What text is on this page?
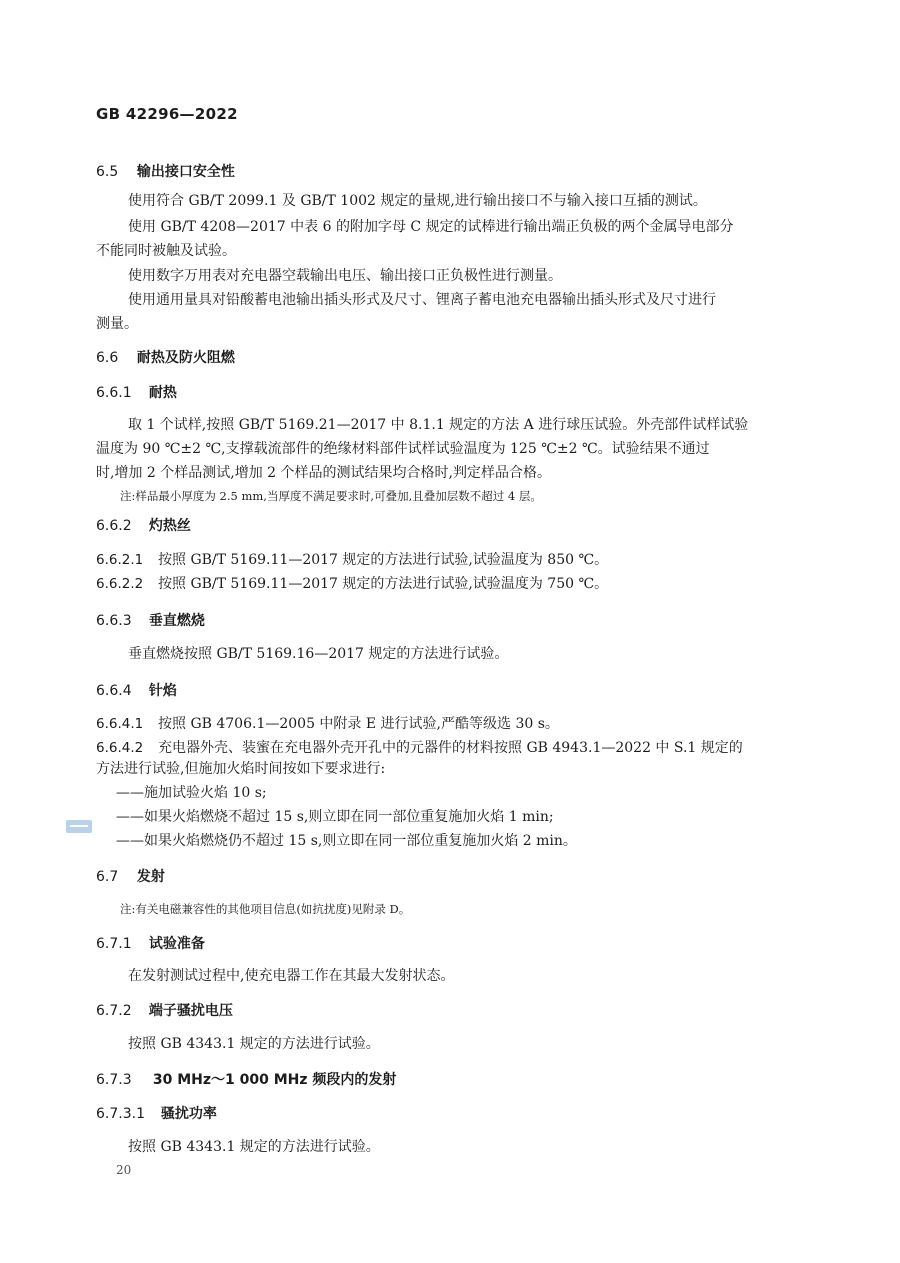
GB 42296—2022
6.5 输出接口安全性
使用符合 GB/T 2099.1 及 GB/T 1002 规定的量规,进行输出接口不与输入接口互插的测试。
使用 GB/T 4208—2017 中表 6 的附加字母 C 规定的试棒进行输出端正负极的两个金属导电部分
不能同时被触及试验。
使用数字万用表对充电器空载输出电压、输出接口正负极性进行测量。
使用通用量具对铅酸蓄电池输出插头形式及尺寸、锂离子蓄电池充电器输出插头形式及尺寸进行
测量。
6.6 耐热及防火阻燃
6.6.1 耐热
取 1 个试样,按照 GB/T 5169.21—2017 中 8.1.1 规定的方法 A 进行球压试验。外壳部件试样试验
温度为 90 ℃±2 ℃,支撑载流部件的绝缘材料部件试样试验温度为 125 ℃±2 ℃。试验结果不通过
时,增加 2 个样品测试,增加 2 个样品的测试结果均合格时,判定样品合格。
注:样品最小厚度为 2.5 mm,当厚度不满足要求时,可叠加,且叠加层数不超过 4 层。
6.6.2 灼热丝
6.6.2.1 按照 GB/T 5169.11—2017 规定的方法进行试验,试验温度为 850 ℃。
6.6.2.2 按照 GB/T 5169.11—2017 规定的方法进行试验,试验温度为 750 ℃。
6.6.3 垂直燃烧
垂直燃烧按照 GB/T 5169.16—2017 规定的方法进行试验。
6.6.4 针焰
6.6.4.1 按照 GB 4706.1—2005 中附录 E 进行试验,严酷等级选 30 s。
6.6.4.2 充电器外壳、装蜜在充电器外壳开孔中的元器件的材料按照 GB 4943.1—2022 中 S.1 规定的
方法进行试验,但施加火焰时间按如下要求进行:
——施加试验火焰 10 s;
——如果火焰燃烧不超过 15 s,则立即在同一部位重复施加火焰 1 min;
——如果火焰燃烧仍不超过 15 s,则立即在同一部位重复施加火焰 2 min。
6.7 发射
注:有关电磁兼容性的其他项目信息(如抗扰度)见附录 D。
6.7.1 试验准备
在发射测试过程中,使充电器工作在其最大发射状态。
6.7.2 端子骚扰电压
按照 GB 4343.1 规定的方法进行试验。
6.7.3 30 MHz～1 000 MHz 频段内的发射
6.7.3.1 骚扰功率
按照 GB 4343.1 规定的方法进行试验。
20
